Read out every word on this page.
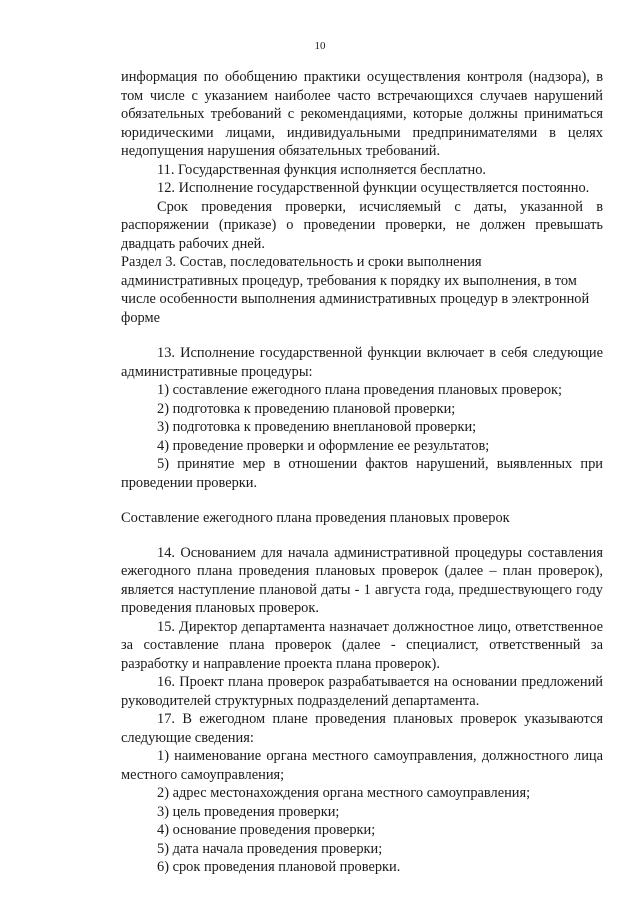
10

информация по обобщению практики осуществления контроля (надзора), в том числе с указанием наиболее часто встречающихся случаев нарушений обязательных требований с рекомендациями, которые должны приниматься юридическими лицами, индивидуальными предпринимателями в целях недопущения нарушения обязательных требований.

11. Государственная функция исполняется бесплатно.

12. Исполнение государственной функции осуществляется постоянно.

Срок проведения проверки, исчисляемый с даты, указанной в распоряжении (приказе) о проведении проверки, не должен превышать двадцать рабочих дней.

Раздел 3. Состав, последовательность и сроки выполнения
административных процедур, требования к порядку их выполнения, в том
числе особенности выполнения административных процедур в электронной
форме

13. Исполнение государственной функции включает в себя следующие административные процедуры:

1) составление ежегодного плана проведения плановых проверок;

2) подготовка к проведению плановой проверки;

3) подготовка к проведению внеплановой проверки;

4) проведение проверки и оформление ее результатов;

5) принятие мер в отношении фактов нарушений, выявленных при проведении проверки.

Составление ежегодного плана проведения плановых проверок

14. Основанием для начала административной процедуры составления ежегодного плана проведения плановых проверок (далее – план проверок), является наступление плановой даты - 1 августа года, предшествующего году проведения плановых проверок.

15. Директор департамента назначает должностное лицо, ответственное за составление плана проверок (далее - специалист, ответственный за разработку и направление проекта плана проверок).

16. Проект плана проверок разрабатывается на основании предложений руководителей структурных подразделений департамента.

17. В ежегодном плане проведения плановых проверок указываются следующие сведения:

1) наименование органа местного самоуправления, должностного лица местного самоуправления;

2) адрес местонахождения органа местного самоуправления;

3) цель проведения проверки;

4) основание проведения проверки;

5) дата начала проведения проверки;

6) срок проведения плановой проверки.
